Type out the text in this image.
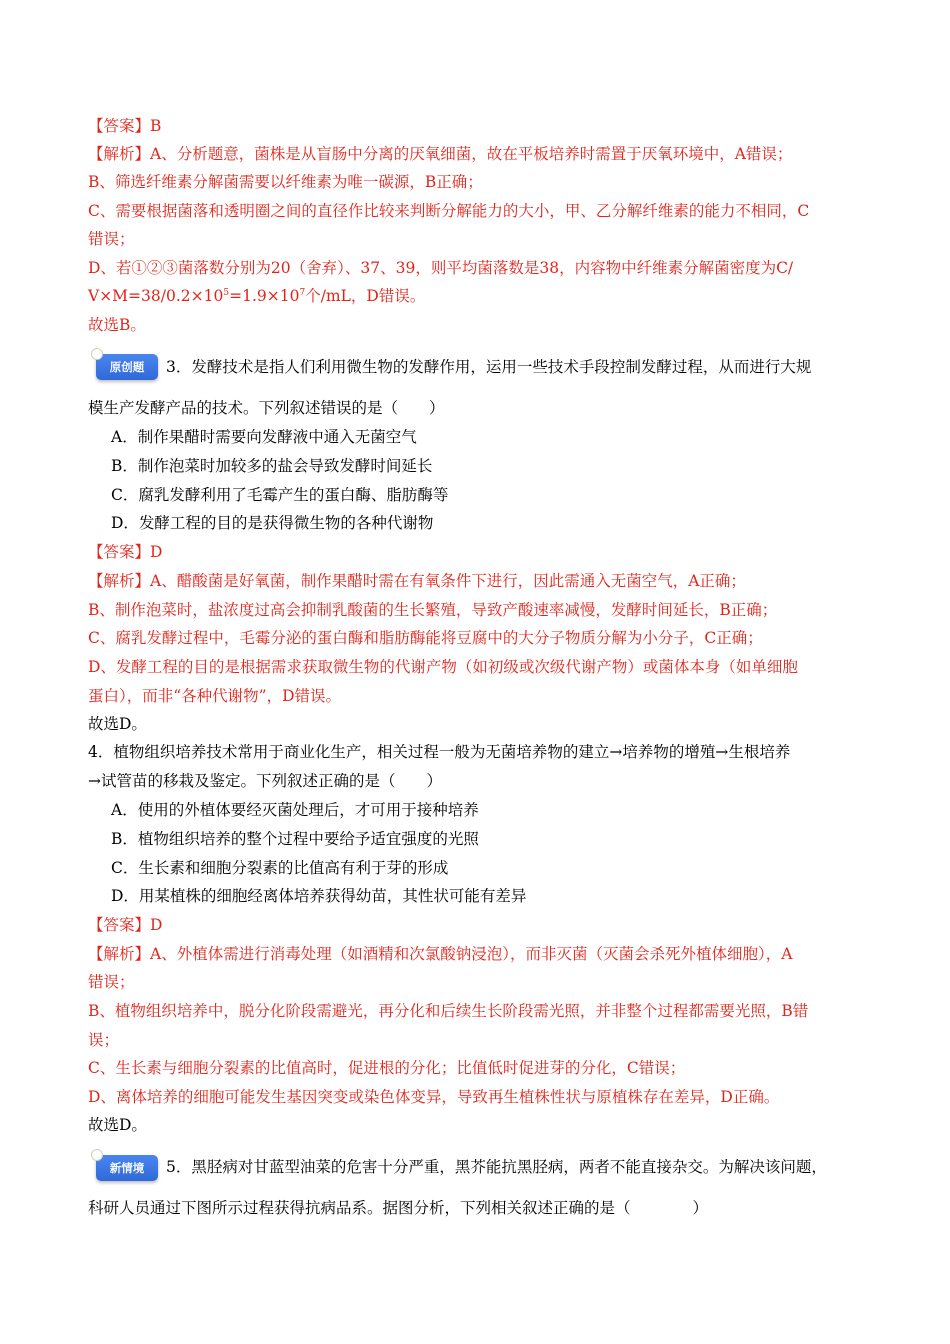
【答案】B
【解析】A、分析题意，菌株是从盲肠中分离的厌氧细菌，故在平板培养时需置于厌氧环境中，A错误；
B、筛选纤维素分解菌需要以纤维素为唯一碳源，B正确；
C、需要根据菌落和透明圈之间的直径作比较来判断分解能力的大小，甲、乙分解纤维素的能力不相同，C
错误；
D、若①②③菌落数分别为20（舍弃）、37、39，则平均菌落数是38，内容物中纤维素分解菌密度为C/
$V\times M=38/0.2\times 10^5=1.9\times 10^7$个/mL，D错误。
故选B。
原创题	3．发酵技术是指人们利用微生物的发酵作用，运用一些技术手段控制发酵过程，从而进行大规
模生产发酵产品的技术。下列叙述错误的是（　　）
A．制作果醋时需要向发酵液中通入无菌空气
B．制作泡菜时加较多的盐会导致发酵时间延长
C．腐乳发酵利用了毛霉产生的蛋白酶、脂肪酶等
D．发酵工程的目的是获得微生物的各种代谢物
【答案】D
【解析】A、醋酸菌是好氧菌，制作果醋时需在有氧条件下进行，因此需通入无菌空气，A正确；
B、制作泡菜时，盐浓度过高会抑制乳酸菌的生长繁殖，导致产酸速率减慢，发酵时间延长，B正确；
C、腐乳发酵过程中，毛霉分泌的蛋白酶和脂肪酶能将豆腐中的大分子物质分解为小分子，C正确；
D、发酵工程的目的是根据需求获取微生物的代谢产物（如初级或次级代谢产物）或菌体本身（如单细胞
蛋白），而非“各种代谢物”，D错误。
故选D。
4．植物组织培养技术常用于商业化生产，相关过程一般为无菌培养物的建立→培养物的增殖→生根培养
→试管苗的移栽及鉴定。下列叙述正确的是（　　）
A．使用的外植体要经灭菌处理后，才可用于接种培养
B．植物组织培养的整个过程中要给予适宜强度的光照
C．生长素和细胞分裂素的比值高有利于芽的形成
D．用某植株的细胞经离体培养获得幼苗，其性状可能有差异
【答案】D
【解析】A、外植体需进行消毒处理（如酒精和次氯酸钠浸泡），而非灭菌（灭菌会杀死外植体细胞），A
错误；
B、植物组织培养中，脱分化阶段需避光，再分化和后续生长阶段需光照，并非整个过程都需要光照，B错
误；
C、生长素与细胞分裂素的比值高时，促进根的分化；比值低时促进芽的分化，C错误；
D、离体培养的细胞可能发生基因突变或染色体变异，导致再生植株性状与原植株存在差异，D正确。
故选D。
新情境	5．黑胫病对甘蓝型油菜的危害十分严重，黑芥能抗黑胫病，两者不能直接杂交。为解决该问题，
科研人员通过下图所示过程获得抗病品系。据图分析，下列相关叙述正确的是（　　　　）
